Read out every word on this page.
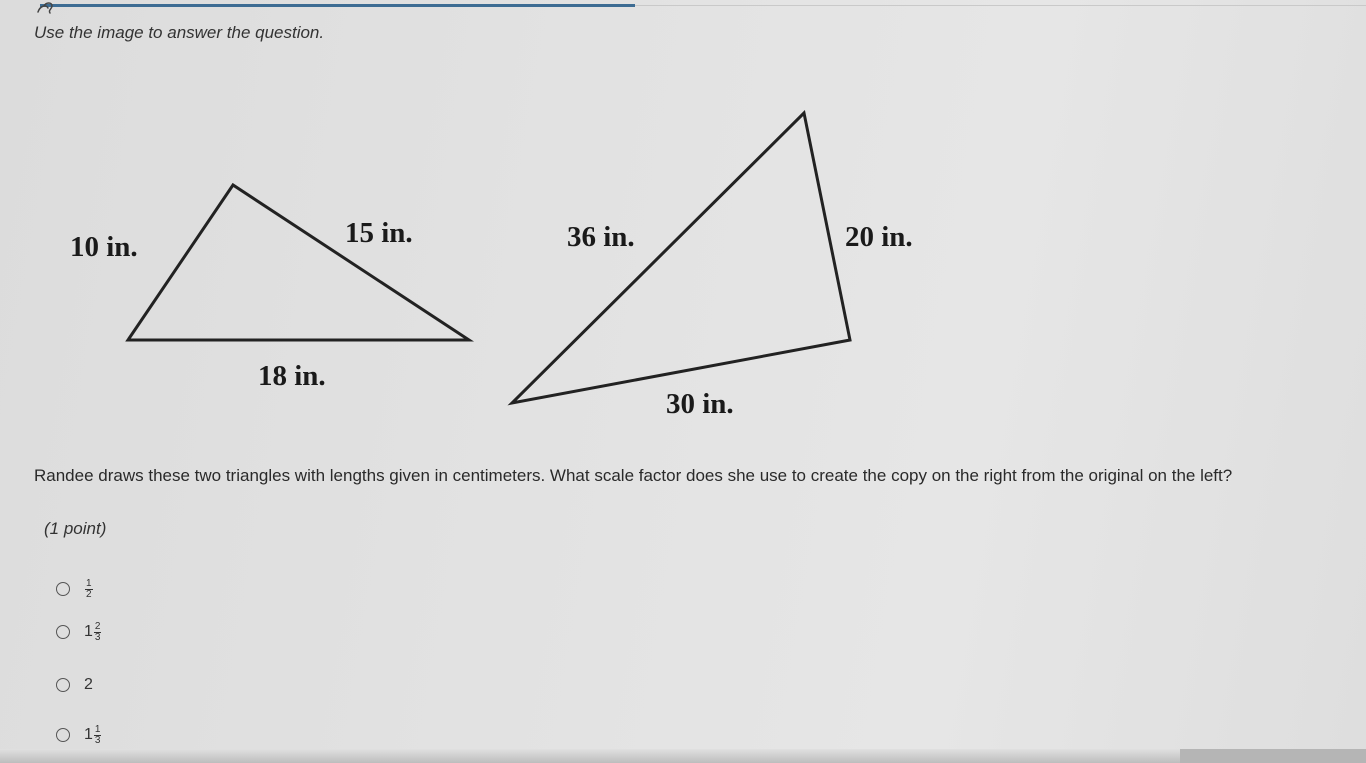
Use the image to answer the question.
10 in.	15 in.
18 in.
36 in.	20 in.
30 in.
Randee draws these two triangles with lengths given in centimeters. What scale factor does she use to create the copy on the right from the original on the left?
(1 point)
$\frac{1}{2}$
$1 \frac{2}{3}$
2
$1 \frac{1}{3}$
